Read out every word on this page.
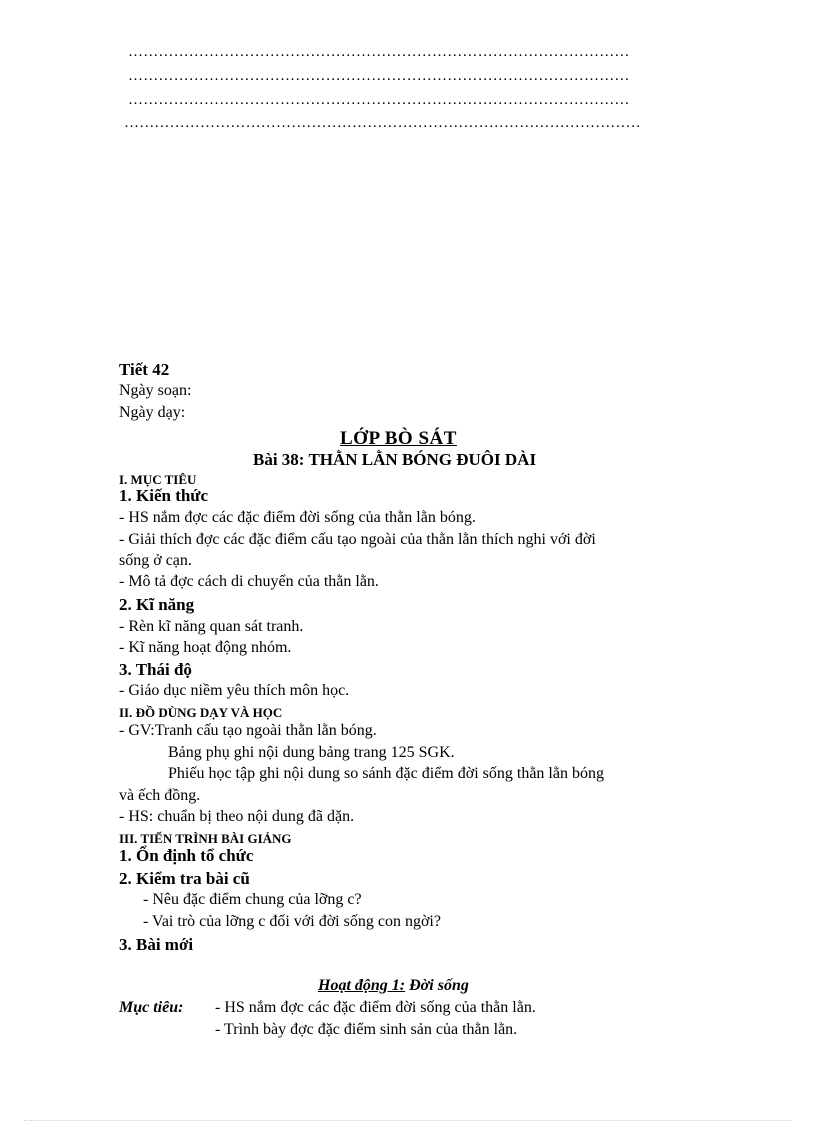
………………………………………………………………………………………
………………………………………………………………………………………
………………………………………………………………………………………
…………………………………………………………………………………………
Tiết 42
Ngày soạn:
Ngày dạy:
LỚP BÒ SÁT
Bài 38: THẰN LẰN BÓNG ĐUÔI DÀI
I. MỤC TIÊU
1. Kiến thức
- HS nắm đợc các đặc điểm đời sống của thằn lằn bóng.
- Giải thích đợc các đặc điểm cấu tạo ngoài của thằn lằn thích nghi với đời
sống ở cạn.
- Mô tả đợc cách di chuyển của thằn lằn.
2. Kĩ năng
- Rèn kĩ năng quan sát tranh.
- Kĩ năng hoạt động nhóm.
3. Thái độ
- Giáo dục niềm yêu thích môn học.
II. ĐỒ DÙNG DẠY VÀ HỌC
- GV:Tranh cấu tạo ngoài thằn lằn bóng.
Bảng phụ ghi nội dung bảng trang 125 SGK.
Phiếu học tập ghi nội dung so sánh đặc điểm đời sống thằn lằn bóng
và ếch đồng.
- HS: chuẩn bị theo nội dung đã dặn.
III. TIẾN TRÌNH BÀI GIẢNG
1. Ổn định tổ chức
2. Kiểm tra bài cũ
- Nêu đặc điểm chung của lỡng c?
- Vai trò của lỡng c đối với đời sống con ngời?
3. Bài mới
Hoạt động 1: Đời sống
Mục tiêu: - HS nắm đợc các đặc điểm đời sống của thằn lằn.
- Trình bày đợc đặc điểm sinh sản của thằn lằn.
